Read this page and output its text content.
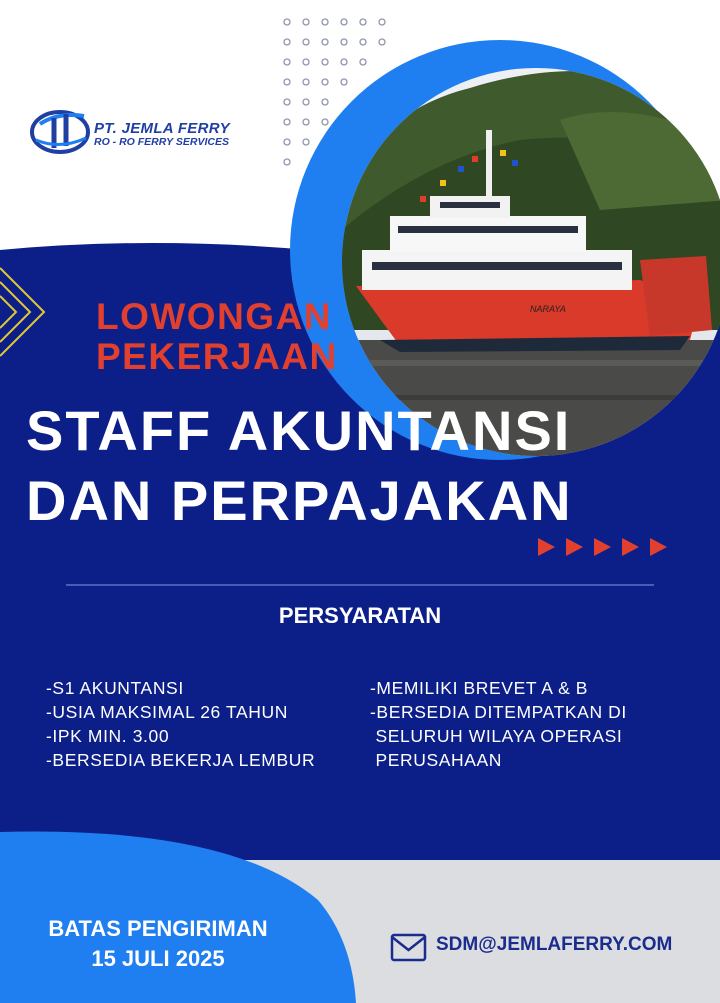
PT. JEMLA FERRY
RO - RO FERRY SERVICES
NARAYA
LOWONGAN
PEKERJAAN
STAFF AKUNTANSI
DAN PERPAJAKAN
PERSYARATAN
-S1 AKUNTANSI
-USIA MAKSIMAL 26 TAHUN
-IPK MIN. 3.00
-BERSEDIA BEKERJA LEMBUR
-MEMILIKI BREVET A & B
-BERSEDIA DITEMPATKAN DI
SELURUH WILAYA OPERASI
PERUSAHAAN
BATAS PENGIRIMAN
15 JULI 2025
SDM@JEMLAFERRY.COM
